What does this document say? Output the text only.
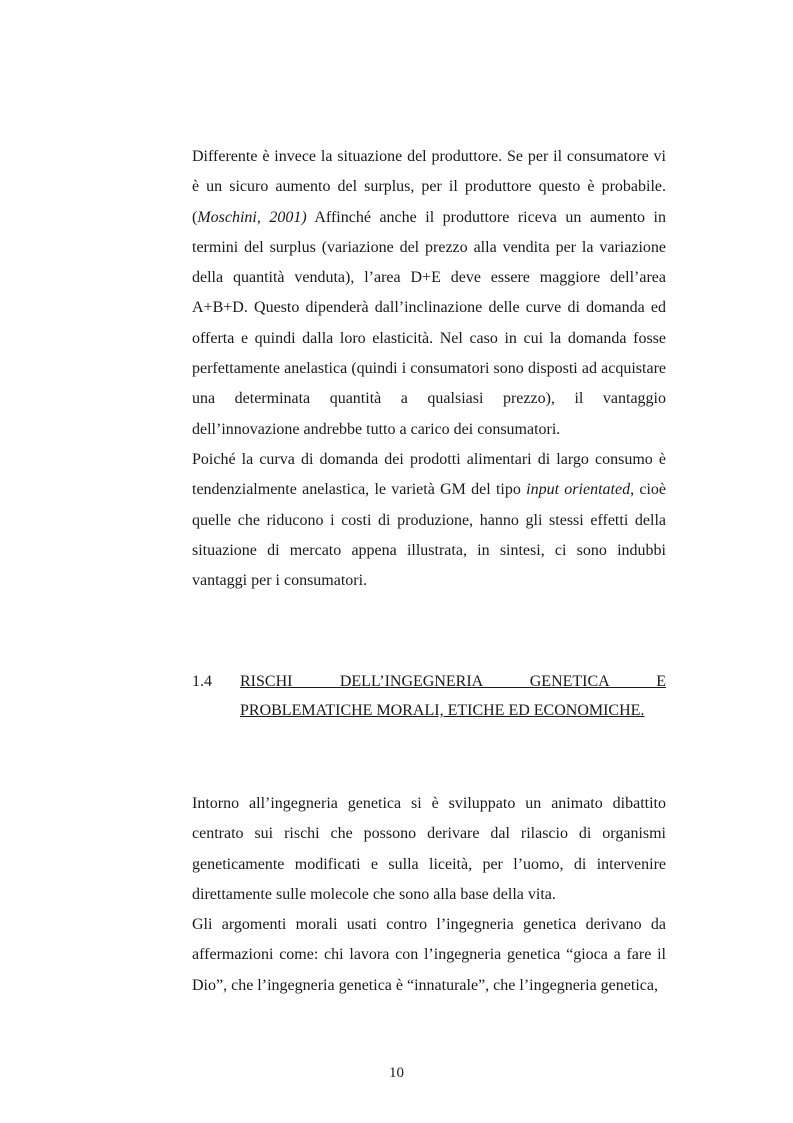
Differente è invece la situazione del produttore. Se per il consumatore vi è un sicuro aumento del surplus, per il produttore questo è probabile. (Moschini, 2001) Affinché anche il produttore riceva un aumento in termini del surplus (variazione del prezzo alla vendita per la variazione della quantità venduta), l’area D+E deve essere maggiore dell’area A+B+D. Questo dipenderà dall’inclinazione delle curve di domanda ed offerta e quindi dalla loro elasticità. Nel caso in cui la domanda fosse perfettamente anelastica (quindi i consumatori sono disposti ad acquistare una determinata quantità a qualsiasi prezzo), il vantaggio dell’innovazione andrebbe tutto a carico dei consumatori.

Poiché la curva di domanda dei prodotti alimentari di largo consumo è tendenzialmente anelastica, le varietà GM del tipo input orientated, cioè quelle che riducono i costi di produzione, hanno gli stessi effetti della situazione di mercato appena illustrata, in sintesi, ci sono indubbi vantaggi per i consumatori.

1.4	RISCHI DELL’INGEGNERIA GENETICA E PROBLEMATICHE MORALI, ETICHE ED ECONOMICHE.

Intorno all’ingegneria genetica si è sviluppato un animato dibattito centrato sui rischi che possono derivare dal rilascio di organismi geneticamente modificati e sulla liceità, per l’uomo, di intervenire direttamente sulle molecole che sono alla base della vita.

Gli argomenti morali usati contro l’ingegneria genetica derivano da affermazioni come: chi lavora con l’ingegneria genetica “gioca a fare il Dio”, che l’ingegneria genetica è “innaturale”, che l’ingegneria genetica,

10
